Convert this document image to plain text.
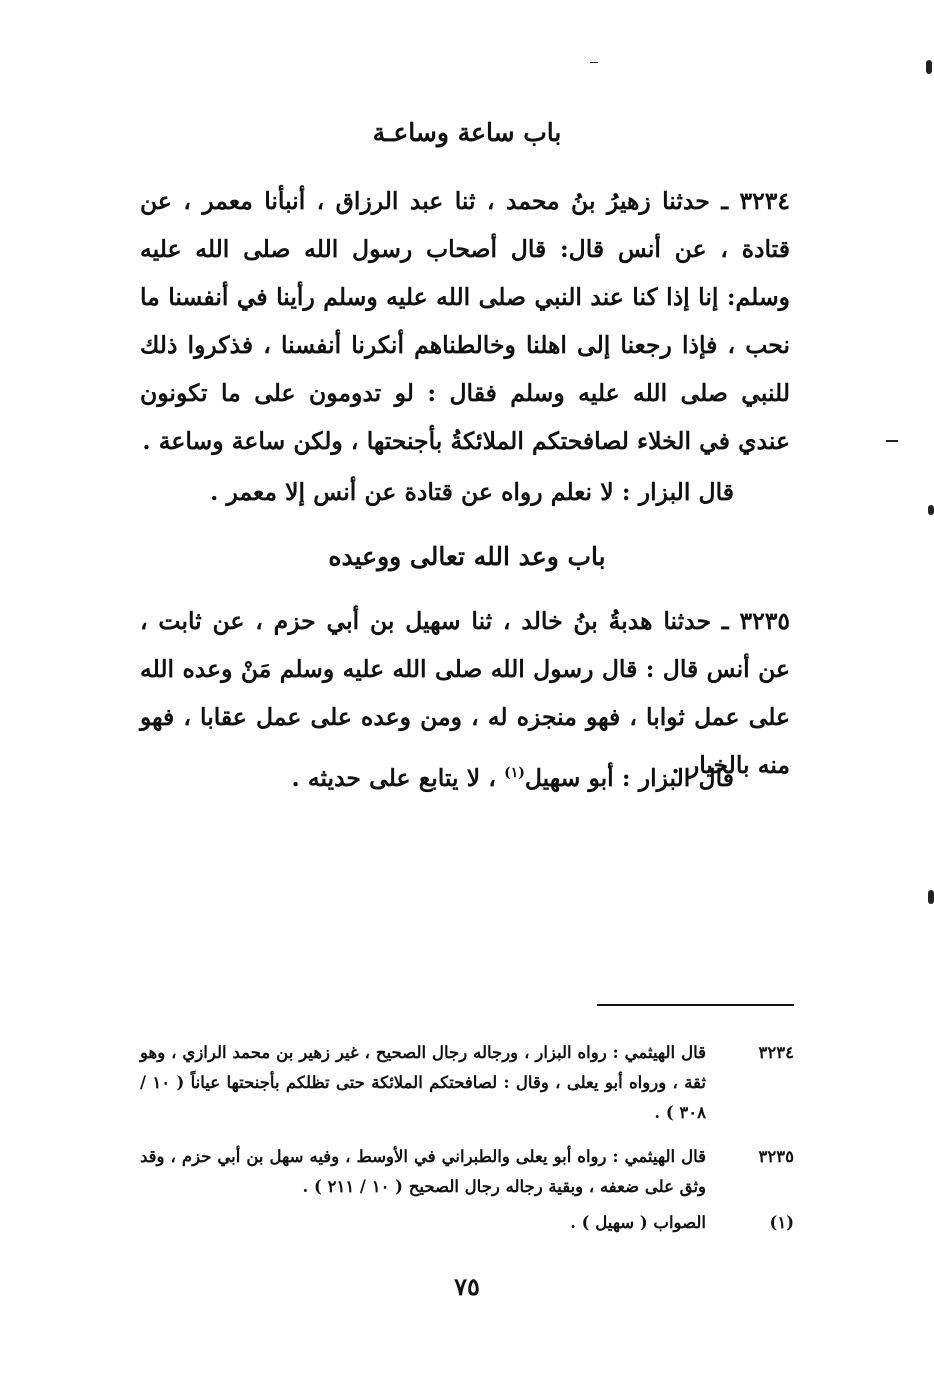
باب ساعة وساعـة
٣٢٣٤ ـ حدثنا زهيرُ بنُ محمد ، ثنا عبد الرزاق ، أنبأنا معمر ، عن قتادة ، عن أنس قال: قال أصحاب رسول الله صلى الله عليه وسلم: إنا إذا كنا عند النبي صلى الله عليه وسلم رأينا في أنفسنا ما نحب ، فإذا رجعنا إلى اهلنا وخالطناهم أنكرنا أنفسنا ، فذكروا ذلك للنبي صلى الله عليه وسلم فقال : لو تدومون على ما تكونون عندي في الخلاء لصافحتكم الملائكةُ بأجنحتها ، ولكن ساعة وساعة .
قال البزار : لا نعلم رواه عن قتادة عن أنس إلا معمر .
باب وعد الله تعالى ووعيده
٣٢٣٥ ـ حدثنا هدبةُ بنُ خالد ، ثنا سهيل بن أبي حزم ، عن ثابت ، عن أنس قال : قال رسول الله صلى الله عليه وسلم مَنْ وعده الله على عمل ثوابا ، فهو منجزه له ، ومن وعده على عمل عقابا ، فهو منه بالخيار .
قال البزار : أبو سهيل$^{(١)}$ ، لا يتابع على حديثه .
٣٢٣٤
قال الهيثمي : رواه البزار ، ورجاله رجال الصحيح ، غير زهير بن محمد الرازي ، وهو ثقة ، ورواه أبو يعلى ، وقال : لصافحتكم الملائكة حتى تظلكم بأجنحتها عياناً ( ١٠ / ٣٠٨ ) .
٣٢٣٥
قال الهيثمي : رواه أبو يعلى والطبراني في الأوسط ، وفيه سهل بن أبي حزم ، وقد وثق على ضعفه ، وبقية رجاله رجال الصحيح ( ١٠ / ٢١١ ) .
(١)
الصواب ( سهيل ) .
٧٥
